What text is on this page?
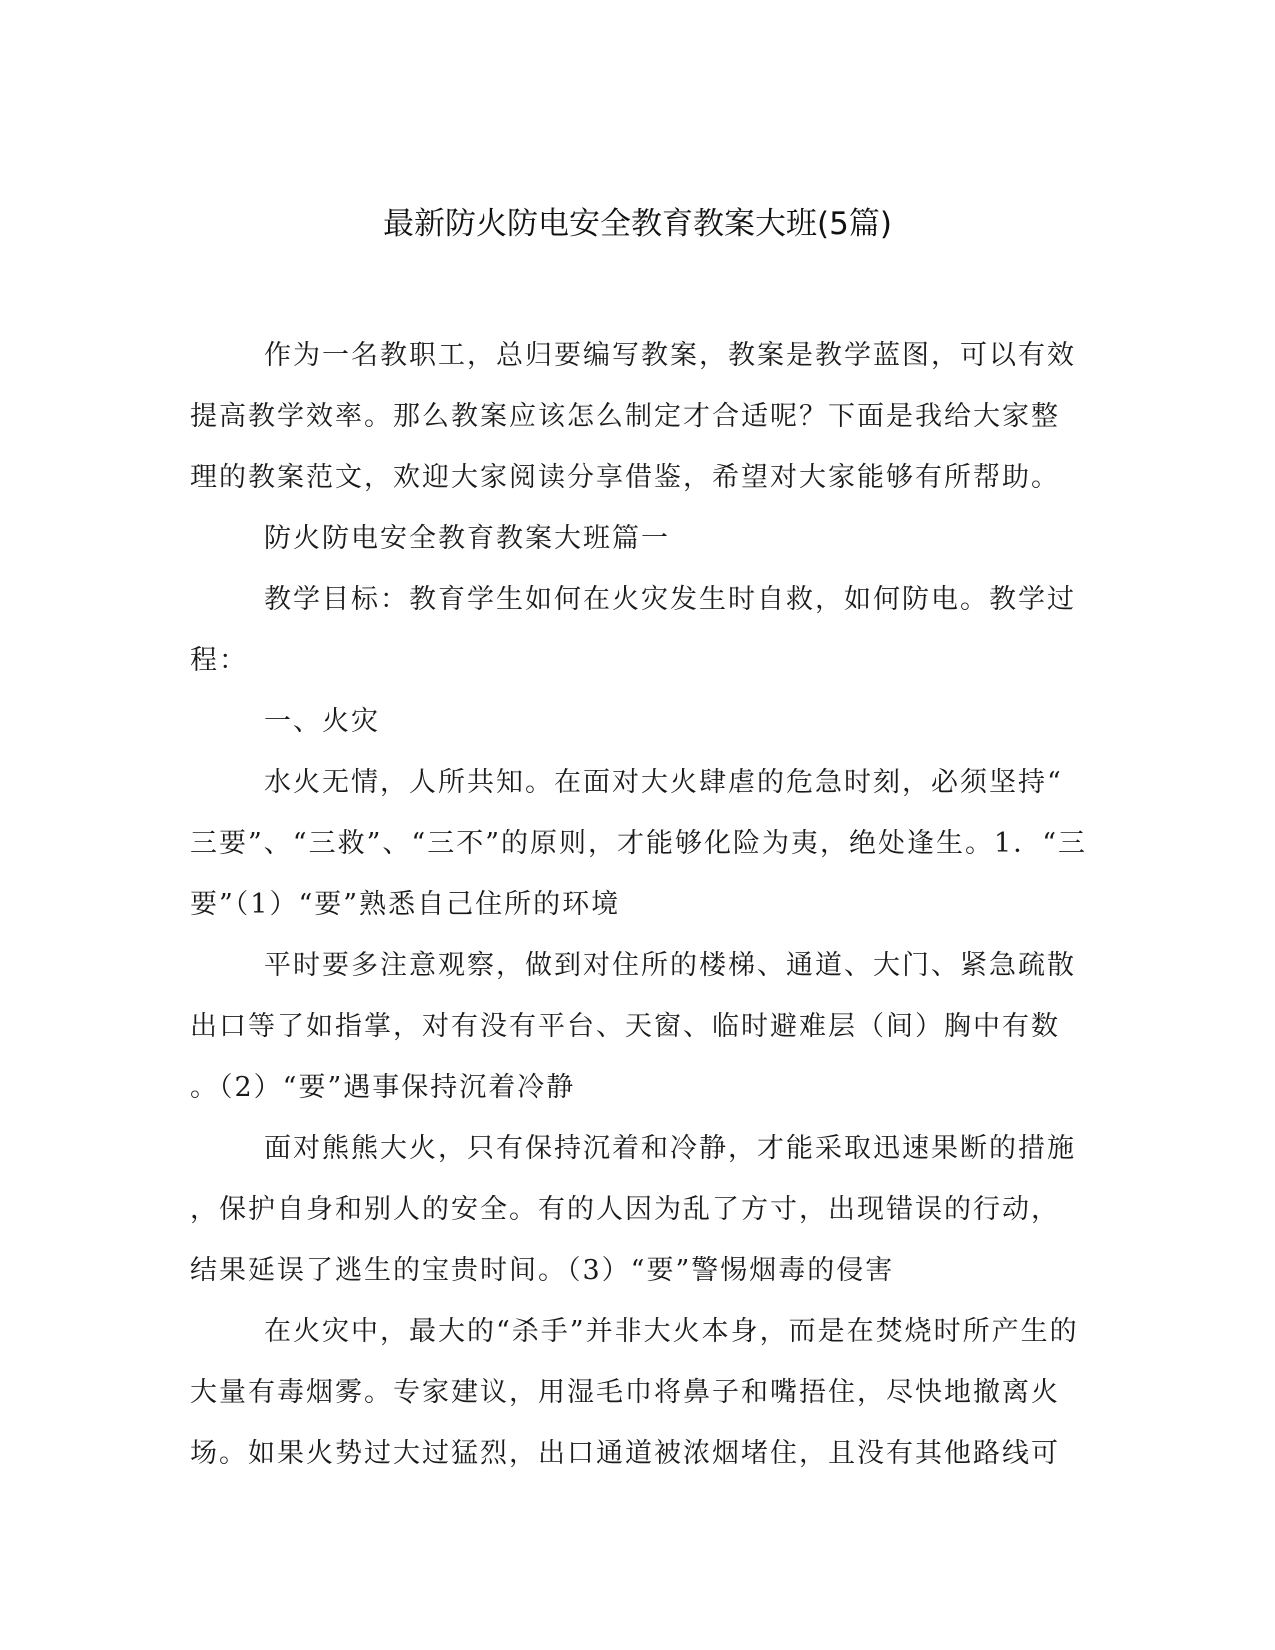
最新防火防电安全教育教案大班(5篇)
作为一名教职工，总归要编写教案，教案是教学蓝图，可以有效
提高教学效率。那么教案应该怎么制定才合适呢？下面是我给大家整
理的教案范文，欢迎大家阅读分享借鉴，希望对大家能够有所帮助。
防火防电安全教育教案大班篇一
教学目标：教育学生如何在火灾发生时自救，如何防电。教学过
程：
一、火灾
水火无情，人所共知。在面对大火肆虐的危急时刻，必须坚持“
三要”、“三救”、“三不”的原则，才能够化险为夷，绝处逢生。1．“三
要”（1）“要”熟悉自己住所的环境
平时要多注意观察，做到对住所的楼梯、通道、大门、紧急疏散
出口等了如指掌，对有没有平台、天窗、临时避难层（间）胸中有数
。（2）“要”遇事保持沉着冷静
面对熊熊大火，只有保持沉着和冷静，才能采取迅速果断的措施
，保护自身和别人的安全。有的人因为乱了方寸，出现错误的行动，
结果延误了逃生的宝贵时间。（3）“要”警惕烟毒的侵害
在火灾中，最大的“杀手”并非大火本身，而是在焚烧时所产生的
大量有毒烟雾。专家建议，用湿毛巾将鼻子和嘴捂住，尽快地撤离火
场。如果火势过大过猛烈，出口通道被浓烟堵住，且没有其他路线可
